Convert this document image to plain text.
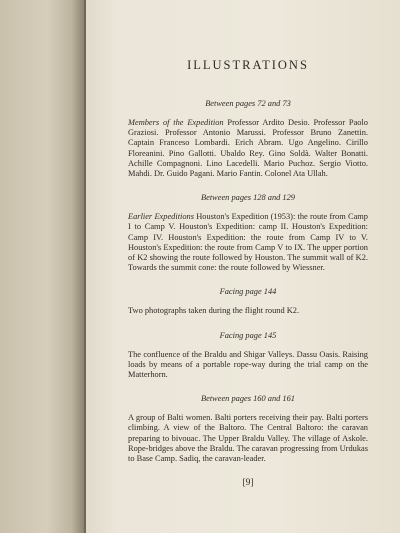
ILLUSTRATIONS

Between pages 72 and 73

Members of the Expedition Professor Ardito Desio. Professor Paolo Graziosi. Professor Antonio Marussi. Professor Bruno Zanettin. Captain Franceso Lombardi. Erich Abram. Ugo Angelino. Cirillo Floreanini. Pino Gallotti. Ubaldo Rey. Gino Soldà. Walter Bonatti. Achille Compagnoni. Lino Lacedelli. Mario Puchoz. Sergio Viotto. Mahdi. Dr. Guido Pagani. Mario Fantin. Colonel Ata Ullah.

Between pages 128 and 129

Earlier Expeditions Houston's Expedition (1953): the route from Camp I to Camp V. Houston's Expedition: camp II. Houston's Expedition: Camp IV. Houston's Expedition: the route from Camp IV to V. Houston's Expedition: the route from Camp V to IX. The upper portion of K2 showing the route followed by Houston. The summit wall of K2. Towards the summit cone: the route followed by Wiessner.

Facing page 144

Two photographs taken during the flight round K2.

Facing page 145

The confluence of the Braldu and Shigar Valleys. Dassu Oasis. Raising loads by means of a portable rope-way during the trial camp on the Matterhorn.

Between pages 160 and 161

A group of Balti women. Balti porters receiving their pay. Balti porters climbing. A view of the Baltoro. The Central Baltoro: the caravan preparing to bivouac. The Upper Braldu Valley. The village of Askole. Rope-bridges above the Braldu. The caravan progressing from Urdukas to Base Camp. Sadiq, the caravan-leader.

[9]
